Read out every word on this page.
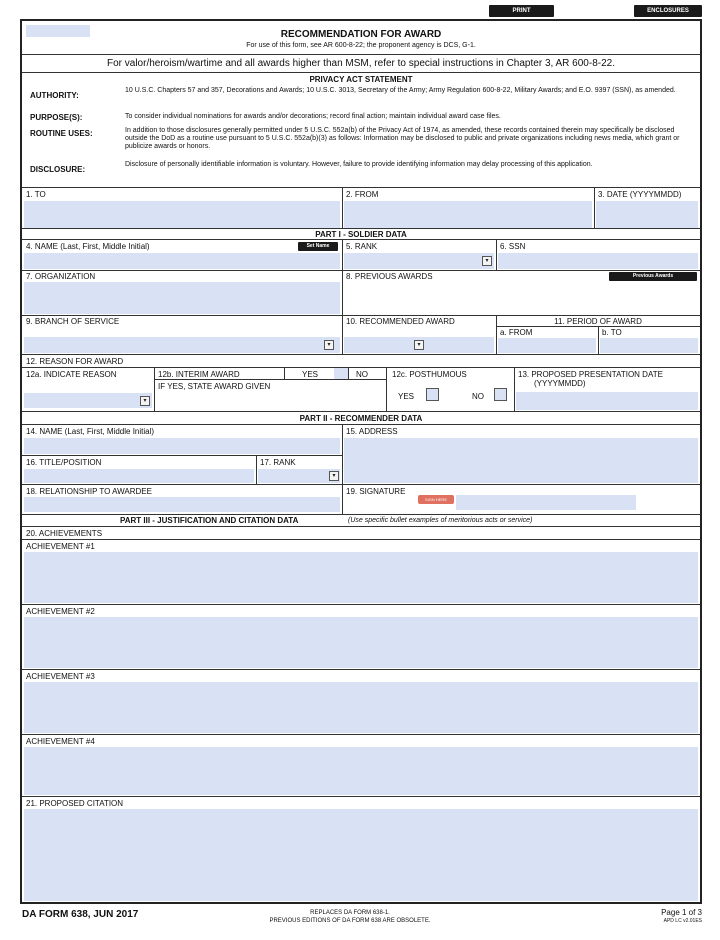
PRINT	ENCLOSURES
RECOMMENDATION FOR AWARD
For use of this form, see AR 600-8-22; the proponent agency is DCS, G-1.
For valor/heroism/wartime and all awards higher than MSM, refer to special instructions in Chapter 3, AR 600-8-22.
PRIVACY ACT STATEMENT
AUTHORITY:
10 U.S.C. Chapters 57 and 357, Decorations and Awards; 10 U.S.C. 3013, Secretary of the Army; Army Regulation 600-8-22, Military Awards; and E.O. 9397 (SSN), as amended.
PURPOSE(S):	To consider individual nominations for awards and/or decorations; record final action; maintain individual award case files.
ROUTINE USES:	In addition to those disclosures generally permitted under 5 U.S.C. 552a(b) of the Privacy Act of 1974, as amended, these records contained therein may specifically be disclosed outside the DoD as a routine use pursuant to 5 U.S.C. 552a(b)(3) as follows: Information may be disclosed to public and private organizations including news media, which grant or publicize awards or honors.
DISCLOSURE:
Disclosure of personally identifiable information is voluntary. However, failure to provide identifying information may delay processing of this application.
1. TO	2. FROM	3. DATE (YYYYMMDD)
PART I - SOLDIER DATA
4. NAME (Last, First, Middle Initial)	Set Name	5. RANK
▾
6. SSN
7. ORGANIZATION	8. PREVIOUS AWARDS	Previous Awards
9. BRANCH OF SERVICE
▾
10. RECOMMENDED AWARD
▾
11. PERIOD OF AWARD
a. FROM	b. TO
12. REASON FOR AWARD
12a. INDICATE REASON
▾
12b. INTERIM AWARD	YES	NO
IF YES, STATE AWARD GIVEN
12c. POSTHUMOUS
YES	NO
13. PROPOSED PRESENTATION DATE
(YYYYMMDD)
PART II - RECOMMENDER DATA
14. NAME (Last, First, Middle Initial)	15. ADDRESS
16. TITLE/POSITION	17. RANK
▾
18. RELATIONSHIP TO AWARDEE	19. SIGNATURE
SIGN HERE
PART III - JUSTIFICATION AND CITATION DATA	(Use specific bullet examples of meritorious acts or service)
20. ACHIEVEMENTS
ACHIEVEMENT #1
ACHIEVEMENT #2
ACHIEVEMENT #3
ACHIEVEMENT #4
21. PROPOSED CITATION
DA FORM 638, JUN 2017	REPLACES DA FORM 638-1.
PREVIOUS EDITIONS OF DA FORM 638 ARE OBSOLETE.
Page 1 of 3
APD LC v2.01ES
